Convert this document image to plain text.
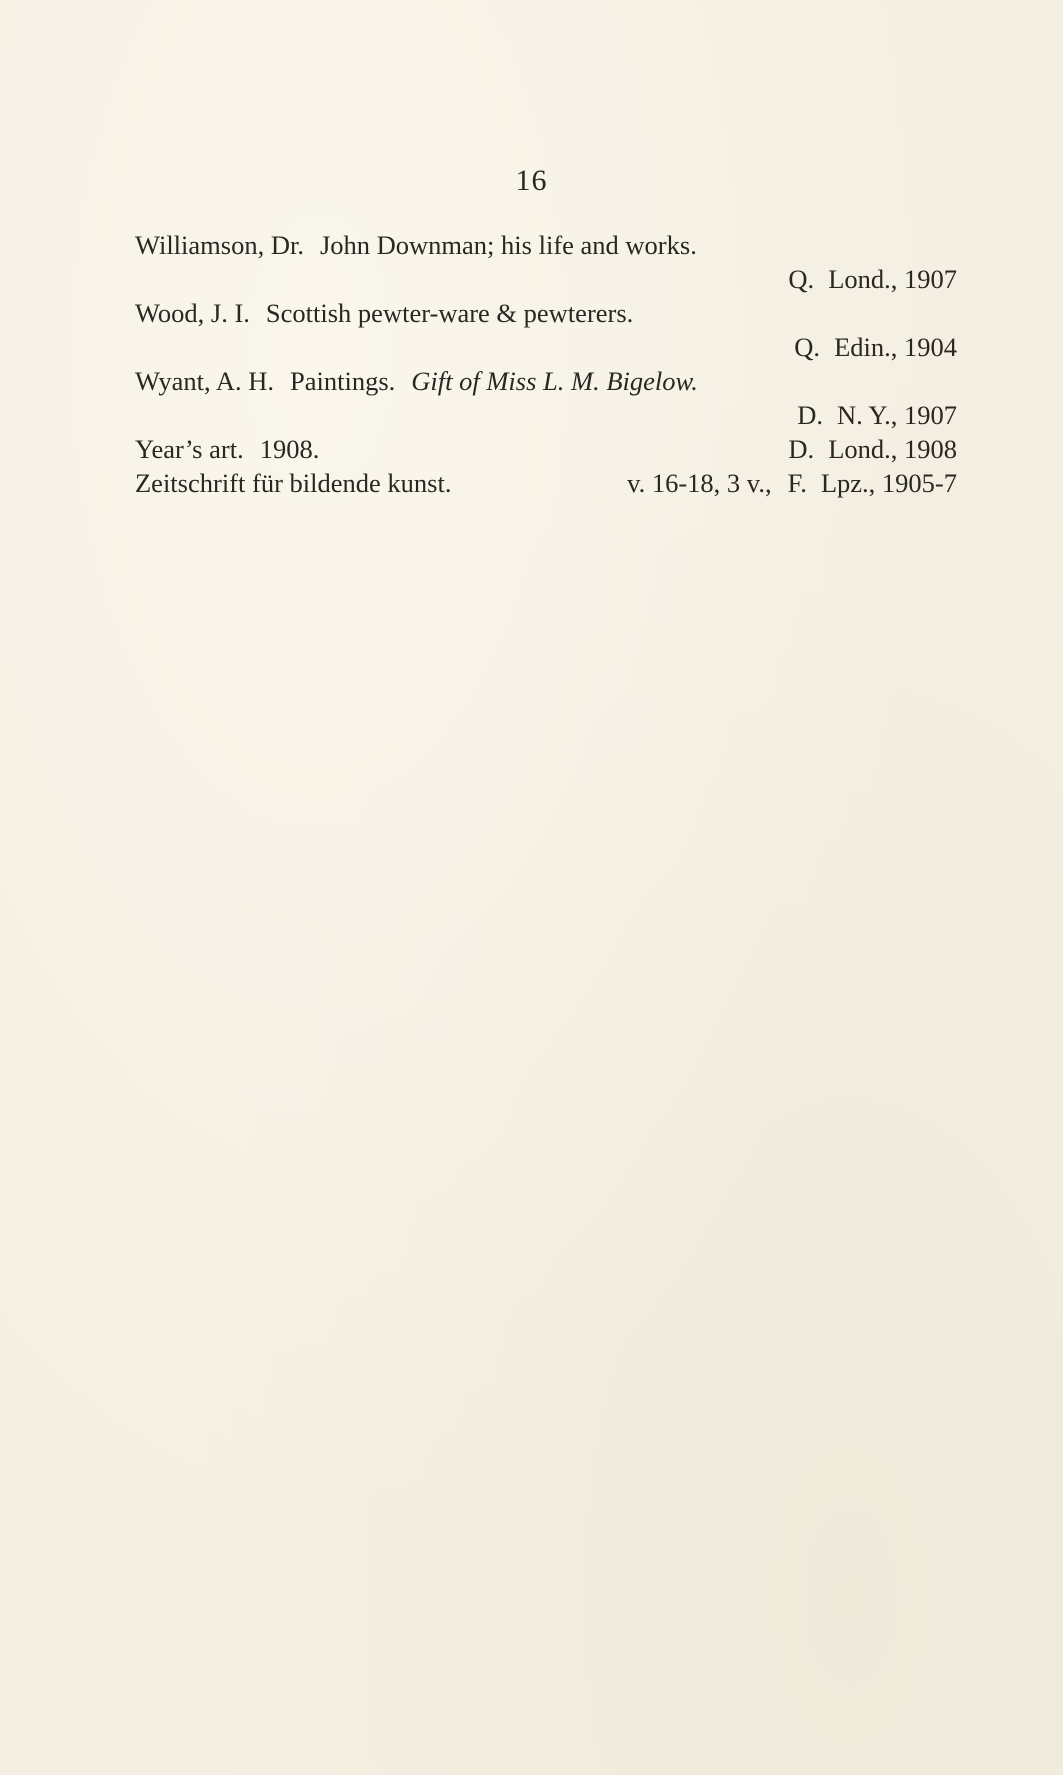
16
Williamson, Dr. John Downman; his life and works.
Q. Lond., 1907
Wood, J. I. Scottish pewter-ware & pewterers.
Q. Edin., 1904
Wyant, A. H. Paintings. Gift of Miss L. M. Bigelow.
D. N. Y., 1907
Year’s art. 1908.	D. Lond., 1908
Zeitschrift für bildende kunst.	v. 16-18, 3 v., F. Lpz., 1905-7
